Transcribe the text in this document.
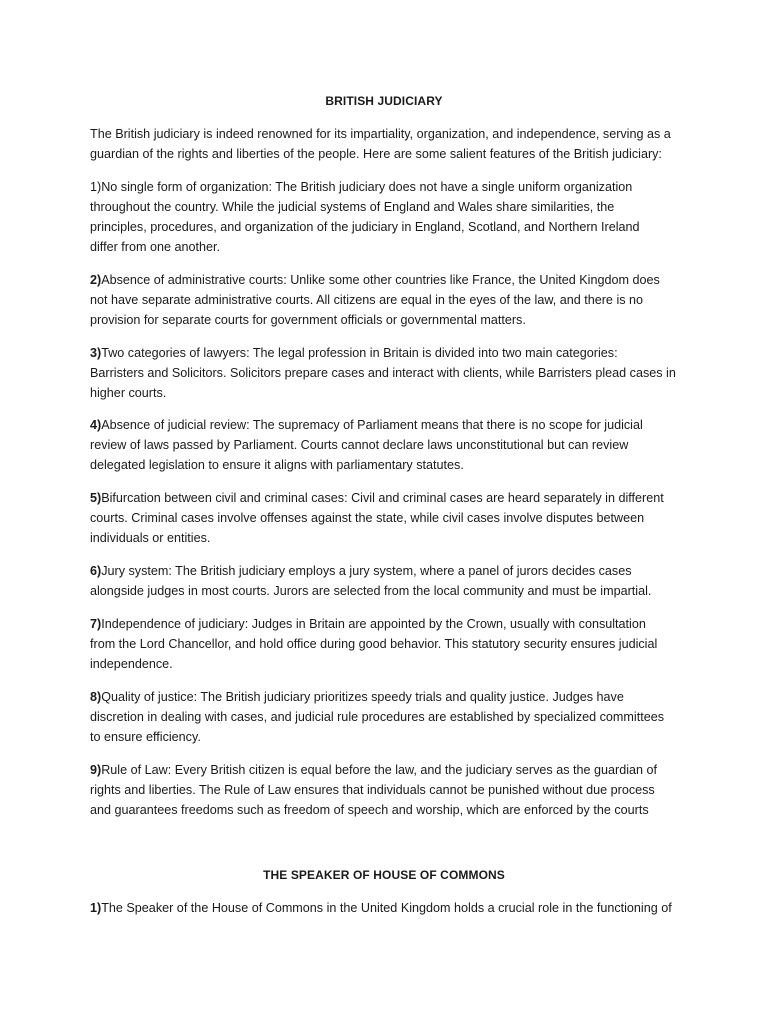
BRITISH JUDICIARY
The British judiciary is indeed renowned for its impartiality, organization, and independence, serving as a
guardian of the rights and liberties of the people. Here are some salient features of the British judiciary:
1)No single form of organization: The British judiciary does not have a single uniform organization
throughout the country. While the judicial systems of England and Wales share similarities, the
principles, procedures, and organization of the judiciary in England, Scotland, and Northern Ireland
differ from one another.
2)Absence of administrative courts: Unlike some other countries like France, the United Kingdom does
not have separate administrative courts. All citizens are equal in the eyes of the law, and there is no
provision for separate courts for government officials or governmental matters.
3)Two categories of lawyers: The legal profession in Britain is divided into two main categories:
Barristers and Solicitors. Solicitors prepare cases and interact with clients, while Barristers plead cases in
higher courts.
4)Absence of judicial review: The supremacy of Parliament means that there is no scope for judicial
review of laws passed by Parliament. Courts cannot declare laws unconstitutional but can review
delegated legislation to ensure it aligns with parliamentary statutes.
5)Bifurcation between civil and criminal cases: Civil and criminal cases are heard separately in different
courts. Criminal cases involve offenses against the state, while civil cases involve disputes between
individuals or entities.
6)Jury system: The British judiciary employs a jury system, where a panel of jurors decides cases
alongside judges in most courts. Jurors are selected from the local community and must be impartial.
7)Independence of judiciary: Judges in Britain are appointed by the Crown, usually with consultation
from the Lord Chancellor, and hold office during good behavior. This statutory security ensures judicial
independence.
8)Quality of justice: The British judiciary prioritizes speedy trials and quality justice. Judges have
discretion in dealing with cases, and judicial rule procedures are established by specialized committees
to ensure efficiency.
9)Rule of Law: Every British citizen is equal before the law, and the judiciary serves as the guardian of
rights and liberties. The Rule of Law ensures that individuals cannot be punished without due process
and guarantees freedoms such as freedom of speech and worship, which are enforced by the courts
THE SPEAKER OF HOUSE OF COMMONS
1)The Speaker of the House of Commons in the United Kingdom holds a crucial role in the functioning of
